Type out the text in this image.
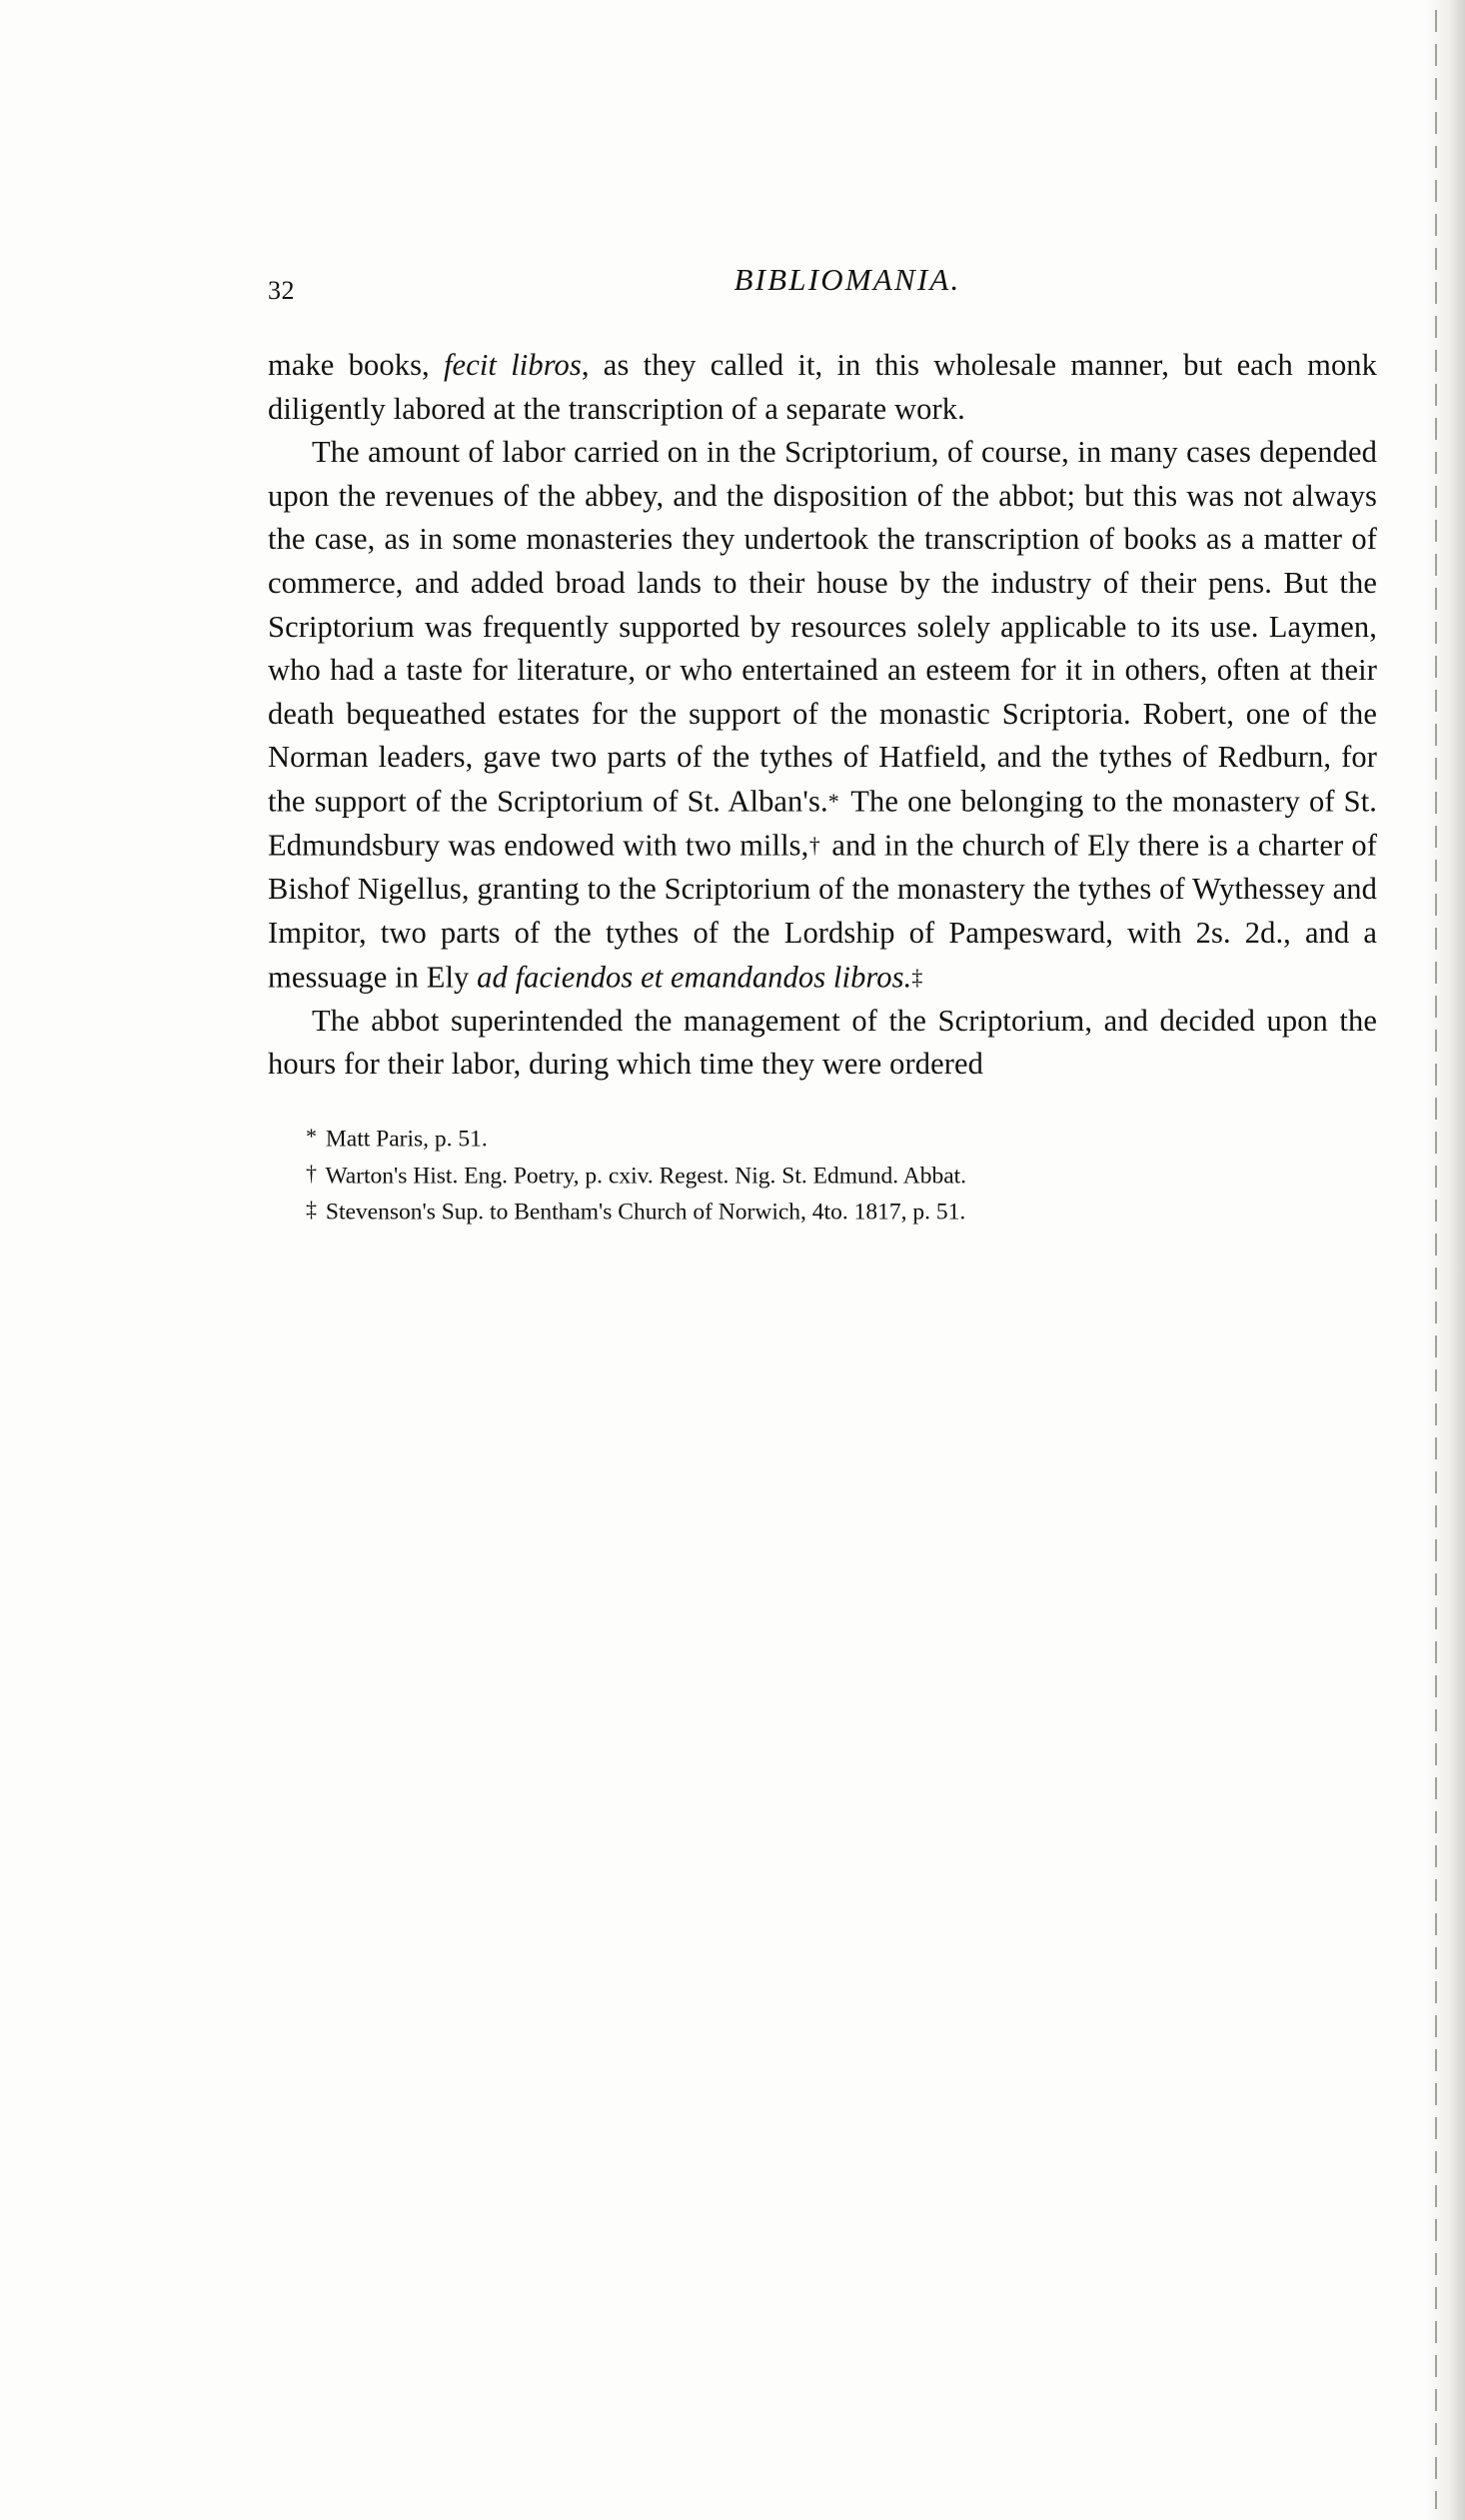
32	BIBLIOMANIA.

make books, fecit libros, as they called it, in this wholesale manner, but each monk diligently labored at the transcription of a separate work.

The amount of labor carried on in the Scriptorium, of course, in many cases depended upon the revenues of the abbey, and the disposition of the abbot; but this was not always the case, as in some monasteries they undertook the transcription of books as a matter of commerce, and added broad lands to their house by the industry of their pens. But the Scriptorium was frequently supported by resources solely applicable to its use. Laymen, who had a taste for literature, or who entertained an esteem for it in others, often at their death bequeathed estates for the support of the monastic Scriptoria. Robert, one of the Norman leaders, gave two parts of the tythes of Hatfield, and the tythes of Redburn, for the support of the Scriptorium of St. Alban's.* The one belonging to the monastery of St. Edmundsbury was endowed with two mills,† and in the church of Ely there is a charter of Bishof Nigellus, granting to the Scriptorium of the monastery the tythes of Wythessey and Impitor, two parts of the tythes of the Lordship of Pampesward, with 2s. 2d., and a messuage in Ely ad faciendos et emandandos libros.‡

The abbot superintended the management of the Scriptorium, and decided upon the hours for their labor, during which time they were ordered

* Matt Paris, p. 51.

† Warton's Hist. Eng. Poetry, p. cxiv. Regest. Nig. St. Edmund. Abbat.

‡ Stevenson's Sup. to Bentham's Church of Norwich, 4to. 1817, p. 51.
